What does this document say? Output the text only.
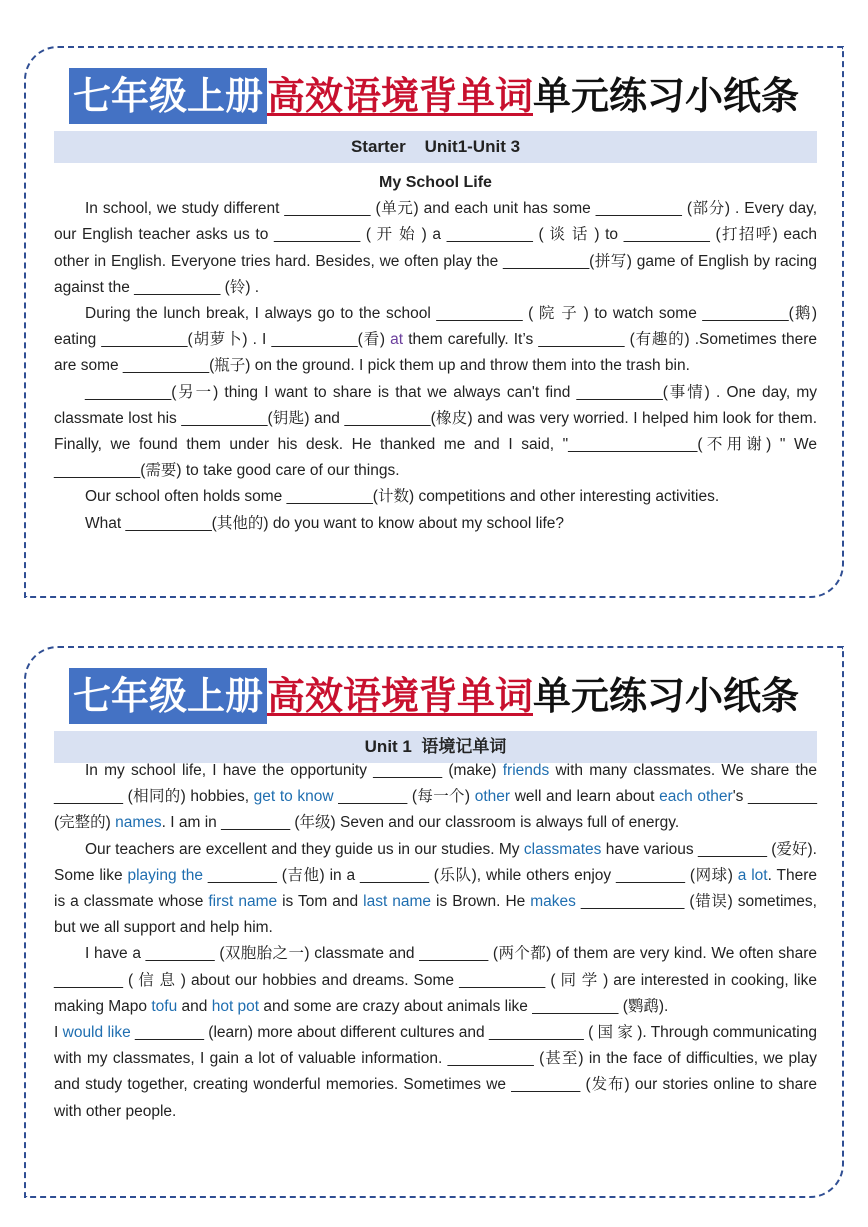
七年级上册 高效语境背单词 单元练习小纸条
Starter    Unit1-Unit 3
My School Life

In school, we study different __________ (单元) and each unit has some __________ (部分) . Every day, our English teacher asks us to __________ ( 开 始 ) a __________ ( 谈 话 ) to __________ (打招呼) each other in English. Everyone tries hard. Besides, we often play the __________(拼写) game of English by racing against the __________ (铃) .

During the lunch break, I always go to the school __________ ( 院 子 ) to watch some __________(鹅) eating __________(胡萝卜) . I __________(看) at them carefully. It’s __________ (有趣的) .Sometimes there are some __________(瓶子) on the ground. I pick them up and throw them into the trash bin.

__________(另一) thing I want to share is that we always can't find __________(事情) . One day, my classmate lost his __________(钥匙) and __________(橡皮) and was very worried. I helped him look for them. Finally, we found them under his desk. He thanked me and I said, "_______________(不用谢) " We __________(需要) to take good care of our things.

Our school often holds some __________(计数) competitions and other interesting activities.

What __________(其他的) do you want to know about my school life?

七年级上册 高效语境背单词 单元练习小纸条
Unit 1  语境记单词

In my school life, I have the opportunity ________ (make) friends with many classmates. We share the ________ (相同的) hobbies, get to know ________ (每一个) other well and learn about each other's ________ (完整的) names. I am in ________ (年级) Seven and our classroom is always full of energy.

Our teachers are excellent and they guide us in our studies. My classmates have various ________ (爱好). Some like playing the ________ (吉他) in a ________ (乐队), while others enjoy ________ (网球) a lot. There is a classmate whose first name is Tom and last name is Brown. He makes ____________ (错误) sometimes, but we all support and help him.

I have a ________ (双胞胎之一) classmate and ________ (两个都) of them are very kind. We often share ________ ( 信 息 ) about our hobbies and dreams. Some __________ ( 同 学 ) are interested in cooking, like making Mapo tofu and hot pot and some are crazy about animals like __________ (鹦鹉).

I would like ________ (learn) more about different cultures and ___________ ( 国 家 ). Through communicating with my classmates, I gain a lot of valuable information. __________ (甚至) in the face of difficulties, we play and study together, creating wonderful memories. Sometimes we ________ (发布) our stories online to share with other people.
